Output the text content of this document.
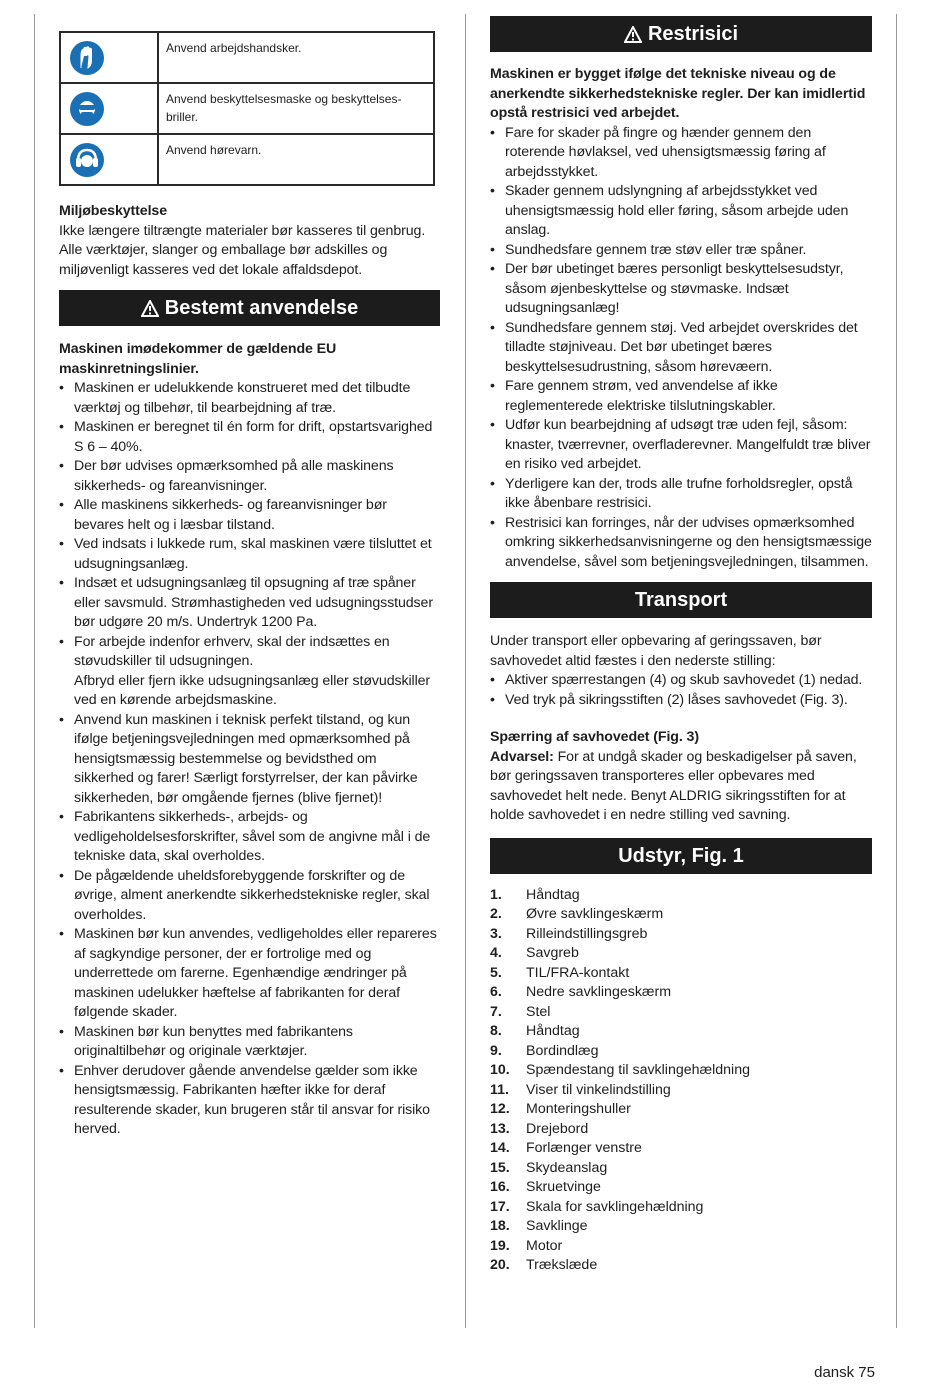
	Anvend arbejdshandsker.

	Anvend beskyttelsesmaske og beskyttelses-briller.

	Anvend hørevarn.
Miljøbeskyttelse
Ikke længere tiltrængte materialer bør kasseres til genbrug. Alle værktøjer, slanger og emballage bør adskilles og miljøvenligt kasseres ved det lokale affaldsdepot.
Bestemt anvendelse
Maskinen imødekommer de gældende EU maskinretningslinier.
• Maskinen er udelukkende konstrueret med det tilbudte værktøj og tilbehør, til bearbejdning af træ.
• Maskinen er beregnet til én form for drift, opstartsvarighed S 6 – 40%.
• Der bør udvises opmærksomhed på alle maskinens sikkerheds- og fareanvisninger.
• Alle maskinens sikkerheds- og fareanvisninger bør bevares helt og i læsbar tilstand.
• Ved indsats i lukkede rum, skal maskinen være tilsluttet et udsugningsanlæg.
• Indsæt et udsugningsanlæg til opsugning af træ spåner eller savsmuld. Strømhastigheden ved udsugningsstudser bør udgøre 20 m/s. Undertryk 1200 Pa.
• For arbejde indenfor erhverv, skal der indsættes en støvudskiller til udsugningen.
Afbryd eller fjern ikke udsugningsanlæg eller støvudskiller ved en kørende arbejdsmaskine.
• Anvend kun maskinen i teknisk perfekt tilstand, og kun ifølge betjeningsvejledningen med opmærksomhed på hensigtsmæssig bestemmelse og bevidsthed om sikkerhed og farer! Særligt forstyrrelser, der kan påvirke sikkerheden, bør omgående fjernes (blive fjernet)!
• Fabrikantens sikkerheds-, arbejds- og vedligeholdelsesforskrifter, såvel som de angivne mål i de tekniske data, skal overholdes.
• De pågældende uheldsforebyggende forskrifter og de øvrige, alment anerkendte sikkerhedstekniske regler, skal overholdes.
• Maskinen bør kun anvendes, vedligeholdes eller repareres af sagkyndige personer, der er fortrolige med og underrettede om farerne. Egenhændige ændringer på maskinen udelukker hæftelse af fabrikanten for deraf følgende skader.
• Maskinen bør kun benyttes med fabrikantens originaltilbehør og originale værktøjer.
• Enhver derudover gående anvendelse gælder som ikke hensigtsmæssig. Fabrikanten hæfter ikke for deraf resulterende skader, kun brugeren står til ansvar for risiko herved.
Restrisici
Maskinen er bygget ifølge det tekniske niveau og de anerkendte sikkerhedstekniske regler. Der kan imidlertid opstå restrisici ved arbejdet.
• Fare for skader på fingre og hænder gennem den roterende høvlaksel, ved uhensigtsmæssig føring af arbejdsstykket.
• Skader gennem udslyngning af arbejdsstykket ved uhensigtsmæssig hold eller føring, såsom arbejde uden anslag.
• Sundhedsfare gennem træ støv eller træ spåner.
• Der bør ubetinget bæres personligt beskyttelsesudstyr, såsom øjenbeskyttelse og støvmaske. Indsæt udsugningsanlæg!
• Sundhedsfare gennem støj. Ved arbejdet overskrides det tilladte støjniveau. Det bør ubetinget bæres beskyttelsesudrustning, såsom hørevæern.
• Fare gennem strøm, ved anvendelse af ikke reglementerede elektriske tilslutningskabler.
• Udfør kun bearbejdning af udsøgt træ uden fejl, såsom: knaster, tværrevner, overfladerevner. Mangelfuldt træ bliver en risiko ved arbejdet.
• Yderligere kan der, trods alle trufne forholdsregler, opstå ikke åbenbare restrisici.
• Restrisici kan forringes, når der udvises opmærksomhed omkring sikkerhedsanvisningerne og den hensigtsmæssige anvendelse, såvel som betjeningsvejledningen, tilsammen.
Transport
Under transport eller opbevaring af geringssaven, bør savhovedet altid fæstes i den nederste stilling:
• Aktiver spærrestangen (4) og skub savhovedet (1) nedad.
• Ved tryk på sikringsstiften (2) låses savhovedet (Fig. 3).
Spærring af savhovedet (Fig. 3)
Advarsel: For at undgå skader og beskadigelser på saven, bør geringssaven transporteres eller opbevares med savhovedet helt nede. Benyt ALDRIG sikringsstiften for at holde savhovedet i en nedre stilling ved savning.
Udstyr, Fig. 1
1.	Håndtag
2.	Øvre savklingeskærm
3.	Rilleindstillingsgreb
4.	Savgreb
5.	TIL/FRA-kontakt
6.	Nedre savklingeskærm
7.	Stel
8.	Håndtag
9.	Bordindlæg
10.	Spændestang til savklingehældning
11.	Viser til vinkelindstilling
12.	Monteringshuller
13.	Drejebord
14.	Forlænger venstre
15.	Skydeanslag
16.	Skruetvinge
17.	Skala for savklingehældning
18.	Savklinge
19.	Motor
20.	Trækslæde
dansk 75
